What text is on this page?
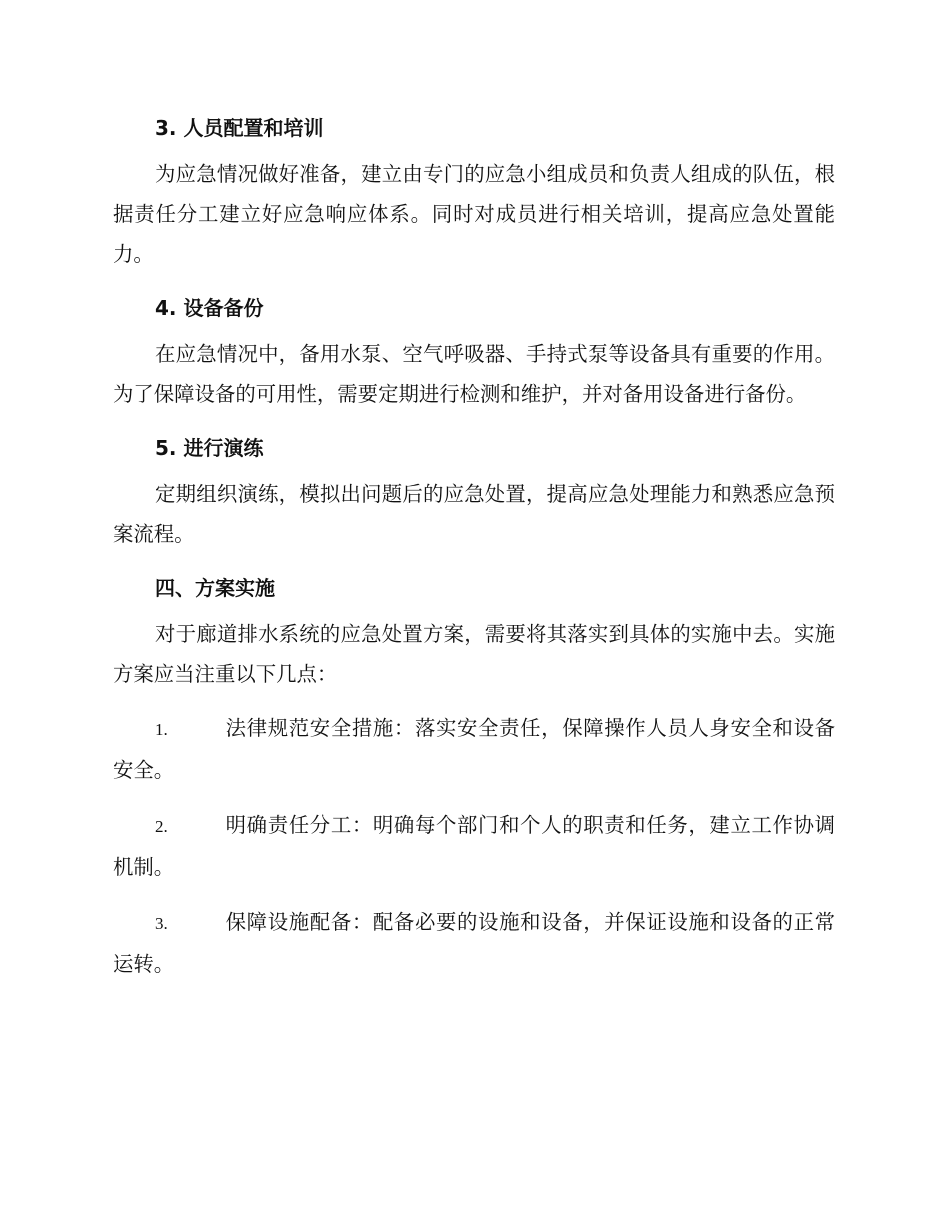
3. 人员配置和培训

为应急情况做好准备，建立由专门的应急小组成员和负责人组成的队伍，根据责任分工建立好应急响应体系。同时对成员进行相关培训，提高应急处置能力。

4. 设备备份

在应急情况中，备用水泵、空气呼吸器、手持式泵等设备具有重要的作用。为了保障设备的可用性，需要定期进行检测和维护，并对备用设备进行备份。

5. 进行演练

定期组织演练，模拟出问题后的应急处置，提高应急处理能力和熟悉应急预案流程。

四、方案实施

对于廊道排水系统的应急处置方案，需要将其落实到具体的实施中去。实施方案应当注重以下几点：

1.	法律规范安全措施：落实安全责任，保障操作人员人身安全和设备安全。

2.	明确责任分工：明确每个部门和个人的职责和任务，建立工作协调机制。

3.	保障设施配备：配备必要的设施和设备，并保证设施和设备的正常运转。
